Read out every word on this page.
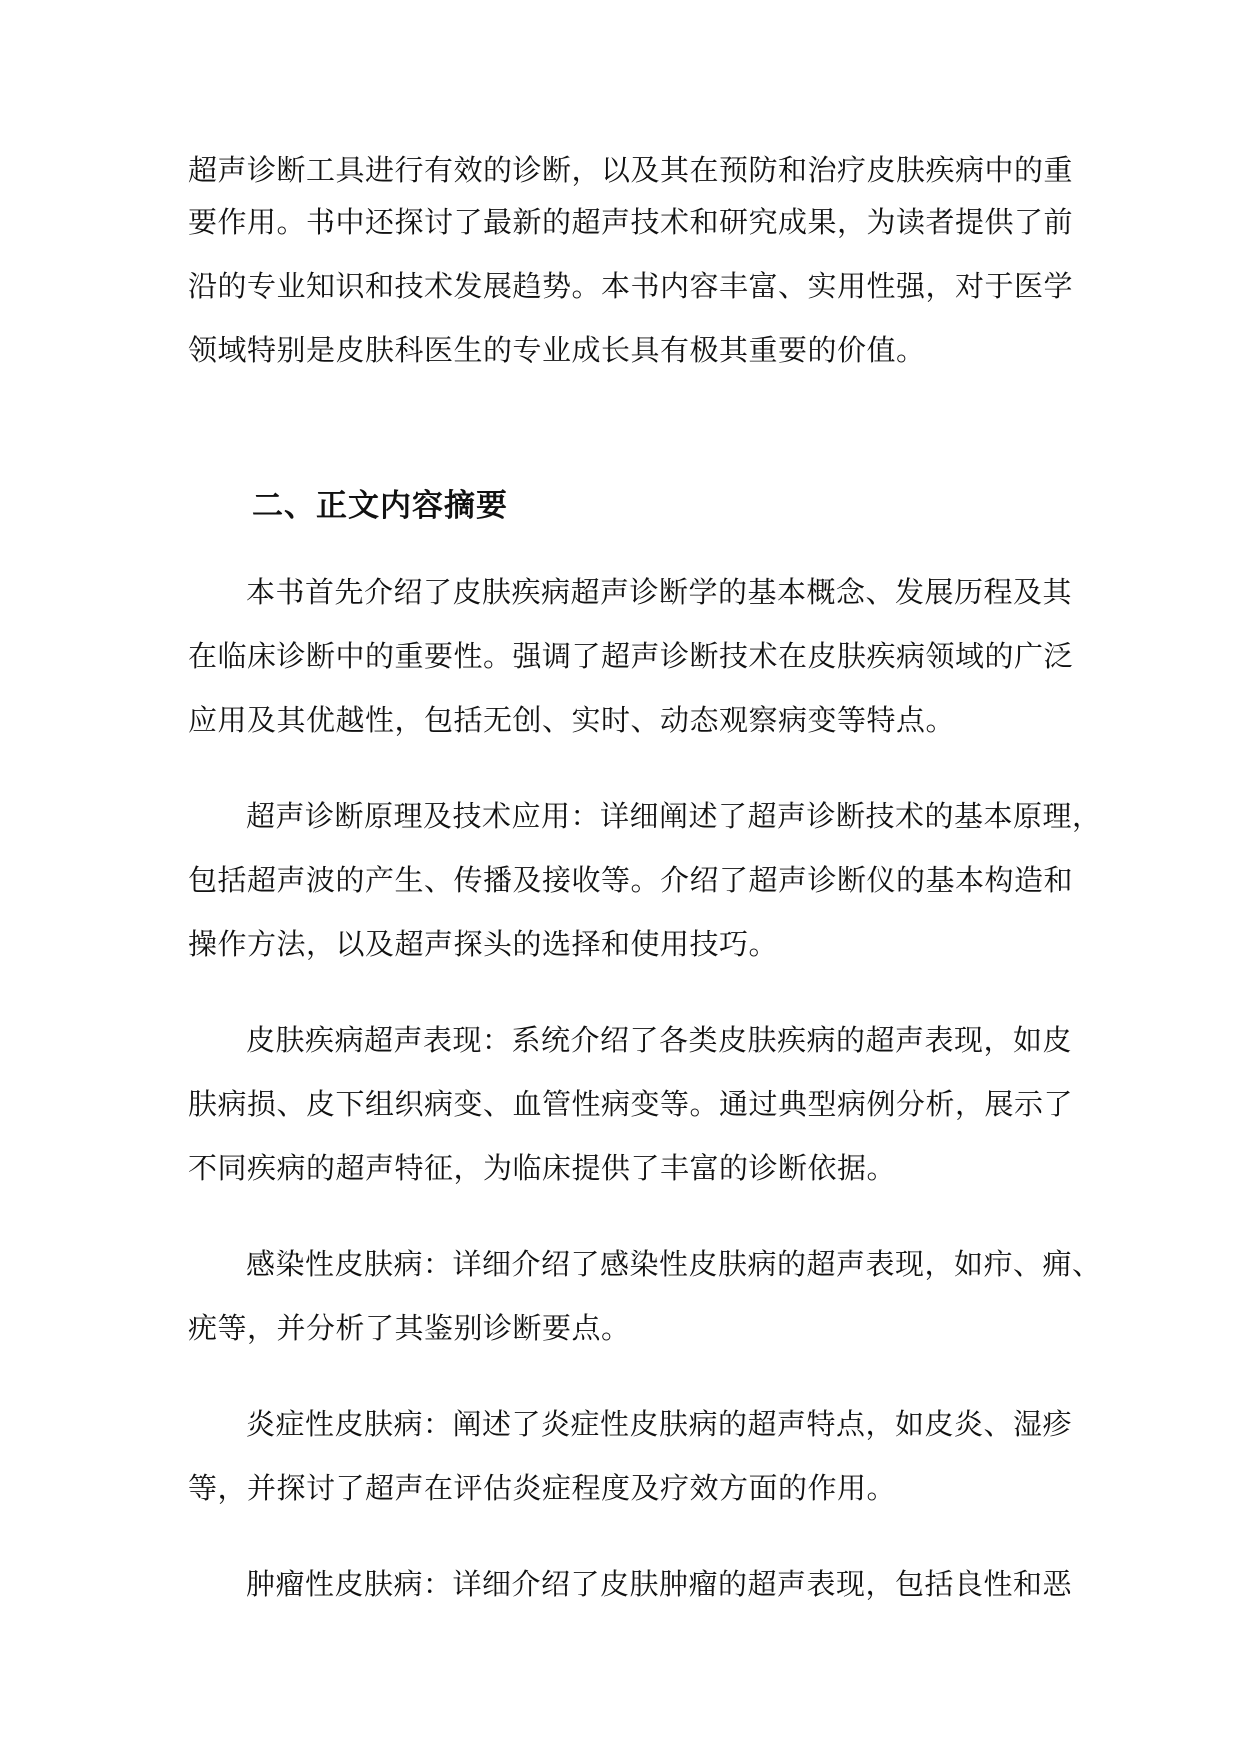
超声诊断工具进行有效的诊断，以及其在预防和治疗皮肤疾病中的重
要作用。书中还探讨了最新的超声技术和研究成果，为读者提供了前
沿的专业知识和技术发展趋势。本书内容丰富、实用性强，对于医学
领域特别是皮肤科医生的专业成长具有极其重要的价值。
二、正文内容摘要
本书首先介绍了皮肤疾病超声诊断学的基本概念、发展历程及其
在临床诊断中的重要性。强调了超声诊断技术在皮肤疾病领域的广泛
应用及其优越性，包括无创、实时、动态观察病变等特点。
超声诊断原理及技术应用：详细阐述了超声诊断技术的基本原理，
包括超声波的产生、传播及接收等。介绍了超声诊断仪的基本构造和
操作方法，以及超声探头的选择和使用技巧。
皮肤疾病超声表现：系统介绍了各类皮肤疾病的超声表现，如皮
肤病损、皮下组织病变、血管性病变等。通过典型病例分析，展示了
不同疾病的超声特征，为临床提供了丰富的诊断依据。
感染性皮肤病：详细介绍了感染性皮肤病的超声表现，如疖、痈、
疣等，并分析了其鉴别诊断要点。
炎症性皮肤病：阐述了炎症性皮肤病的超声特点，如皮炎、湿疹
等，并探讨了超声在评估炎症程度及疗效方面的作用。
肿瘤性皮肤病：详细介绍了皮肤肿瘤的超声表现，包括良性和恶
